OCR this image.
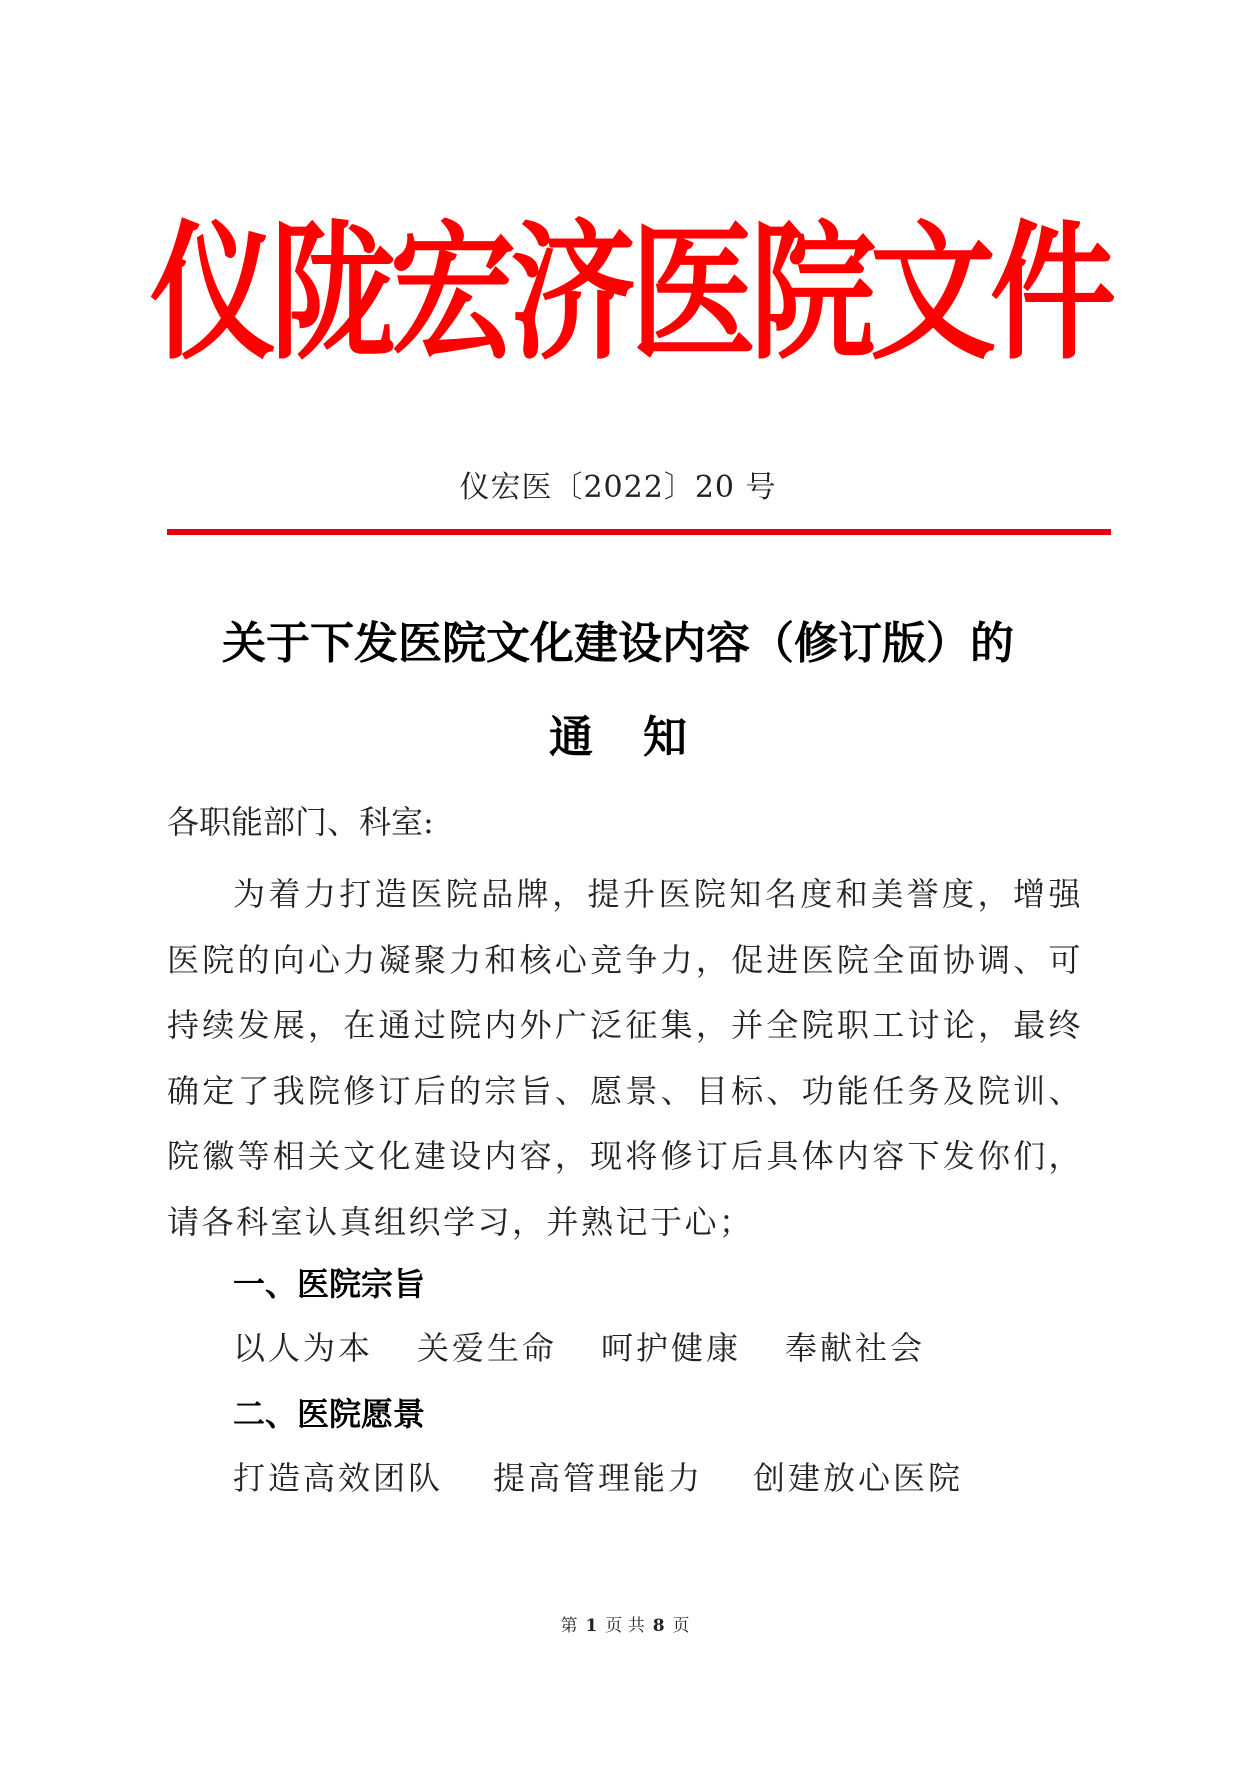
仪陇宏济医院文件
仪宏医〔2022〕20 号
关于下发医院文化建设内容（修订版）的
通知
各职能部门、科室:
为着力打造医院品牌，提升医院知名度和美誉度，增强医院的向心力凝聚力和核心竞争力，促进医院全面协调、可持续发展，在通过院内外广泛征集，并全院职工讨论，最终确定了我院修订后的宗旨、愿景、目标、功能任务及院训、院徽等相关文化建设内容，现将修订后具体内容下发你们，请各科室认真组织学习，并熟记于心；
一、医院宗旨
以人为本 关爱生命 呵护健康 奉献社会
二、医院愿景
打造高效团队 提高管理能力 创建放心医院
第 1 页 共 8 页
